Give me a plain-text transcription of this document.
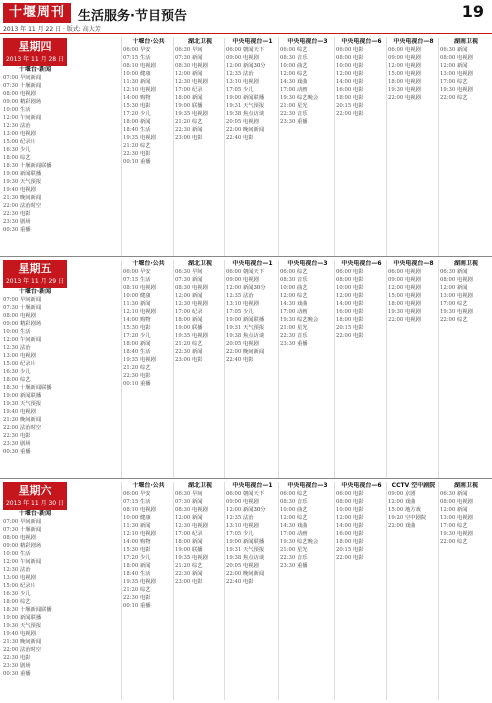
十堰周刊	生活服务·节目预告	19
2013 年 11 月 22 日 · 版式: 高大芳
星期四
2013 年 11 月 28 日
十堰台·新闻
07:00 早间新闻
07:30 十堰新闻
08:00 电视剧
09:00 精彩剧场
10:00 生活
12:00 午间新闻
12:30 法治
13:00 电视剧
15:00 纪录片
16:30 少儿
18:00 综艺
18:30 十堰新闻联播
19:00 新闻联播
19:30 天气预报
19:40 电视剧
21:30 晚间新闻
22:00 法治时空
22:30 电影
23:30 剧场
00:30 重播
十堰台·公共
06:00 早安
07:15 生活
08:10 电视剧
10:00 健康
11:30 新闻
12:10 电视剧
14:00 购物
15:30 电影
17:20 少儿
18:00 新闻
18:40 生活
19:35 电视剧
21:20 综艺
22:30 电影
00:10 重播
湖北卫视
06:30 早间
07:30 新闻
08:30 电视剧
12:00 新闻
12:30 电视剧
17:00 纪录
18:00 新闻
19:00 联播
19:35 电视剧
21:20 综艺
22:30 新闻
23:00 电影
中央电视台—1
06:00 朝闻天下
09:00 电视剧
12:00 新闻30分
12:35 法治
13:10 电视剧
17:05 少儿
19:00 新闻联播
19:31 天气预报
19:38 焦点访谈
20:05 电视剧
22:00 晚间新闻
22:40 电影
中央电视台—3
06:00 综艺
08:30 音乐
10:00 曲艺
12:00 综艺
14:30 戏曲
17:00 动画
19:30 综艺晚会
21:00 星光
22:30 音乐
23:30 重播
中央电视台—6
06:00 电影
08:00 电影
10:00 电影
12:00 电影
14:00 电影
16:00 电影
18:00 电影
20:15 电影
22:00 电影
中央电视台—8
06:00 电视剧
09:00 电视剧
12:00 电视剧
15:00 电视剧
18:00 电视剧
19:30 电视剧
22:00 电视剧
湖南卫视
06:30 新闻
08:00 电视剧
12:00 新闻
13:00 电视剧
17:00 综艺
19:30 电视剧
22:00 综艺
星期五
2013 年 11 月 29 日
十堰台·新闻
07:00 早间新闻
07:30 十堰新闻
08:00 电视剧
09:00 精彩剧场
10:00 生活
12:00 午间新闻
12:30 法治
13:00 电视剧
15:00 纪录片
16:30 少儿
18:00 综艺
18:30 十堰新闻联播
19:00 新闻联播
19:30 天气预报
19:40 电视剧
21:30 晚间新闻
22:00 法治时空
22:30 电影
23:30 剧场
00:30 重播
十堰台·公共
06:00 早安
07:15 生活
08:10 电视剧
10:00 健康
11:30 新闻
12:10 电视剧
14:00 购物
15:30 电影
17:20 少儿
18:00 新闻
18:40 生活
19:35 电视剧
21:20 综艺
22:30 电影
00:10 重播
湖北卫视
06:30 早间
07:30 新闻
08:30 电视剧
12:00 新闻
12:30 电视剧
17:00 纪录
18:00 新闻
19:00 联播
19:35 电视剧
21:20 综艺
22:30 新闻
23:00 电影
中央电视台—1
06:00 朝闻天下
09:00 电视剧
12:00 新闻30分
12:35 法治
13:10 电视剧
17:05 少儿
19:00 新闻联播
19:31 天气预报
19:38 焦点访谈
20:05 电视剧
22:00 晚间新闻
22:40 电影
中央电视台—3
06:00 综艺
08:30 音乐
10:00 曲艺
12:00 综艺
14:30 戏曲
17:00 动画
19:30 综艺晚会
21:00 星光
22:30 音乐
23:30 重播
中央电视台—6
06:00 电影
08:00 电影
10:00 电影
12:00 电影
14:00 电影
16:00 电影
18:00 电影
20:15 电影
22:00 电影
中央电视台—8
06:00 电视剧
09:00 电视剧
12:00 电视剧
15:00 电视剧
18:00 电视剧
19:30 电视剧
22:00 电视剧
湖南卫视
06:30 新闻
08:00 电视剧
12:00 新闻
13:00 电视剧
17:00 综艺
19:30 电视剧
22:00 综艺
星期六
2013 年 11 月 30 日
十堰台·新闻
07:00 早间新闻
07:30 十堰新闻
08:00 电视剧
09:00 精彩剧场
10:00 生活
12:00 午间新闻
12:30 法治
13:00 电视剧
15:00 纪录片
16:30 少儿
18:00 综艺
18:30 十堰新闻联播
19:00 新闻联播
19:30 天气预报
19:40 电视剧
21:30 晚间新闻
22:00 法治时空
22:30 电影
23:30 剧场
00:30 重播
十堰台·公共
06:00 早安
07:15 生活
08:10 电视剧
10:00 健康
11:30 新闻
12:10 电视剧
14:00 购物
15:30 电影
17:20 少儿
18:00 新闻
18:40 生活
19:35 电视剧
21:20 综艺
22:30 电影
00:10 重播
湖北卫视
06:30 早间
07:30 新闻
08:30 电视剧
12:00 新闻
12:30 电视剧
17:00 纪录
18:00 新闻
19:00 联播
19:35 电视剧
21:20 综艺
22:30 新闻
23:00 电影
中央电视台—1
06:00 朝闻天下
09:00 电视剧
12:00 新闻30分
12:35 法治
13:10 电视剧
17:05 少儿
19:00 新闻联播
19:31 天气预报
19:38 焦点访谈
20:05 电视剧
22:00 晚间新闻
22:40 电影
中央电视台—3
06:00 综艺
08:30 音乐
10:00 曲艺
12:00 综艺
14:30 戏曲
17:00 动画
19:30 综艺晚会
21:00 星光
22:30 音乐
23:30 重播
中央电视台—6
06:00 电影
08:00 电影
10:00 电影
12:00 电影
14:00 电影
16:00 电影
18:00 电影
20:15 电影
22:00 电影
CCTV 空中剧院
09:00 京剧
12:00 戏曲
15:00 地方戏
19:20 空中剧院
22:00 戏曲
湖南卫视
06:30 新闻
08:00 电视剧
12:00 新闻
13:00 电视剧
17:00 综艺
19:30 电视剧
22:00 综艺
